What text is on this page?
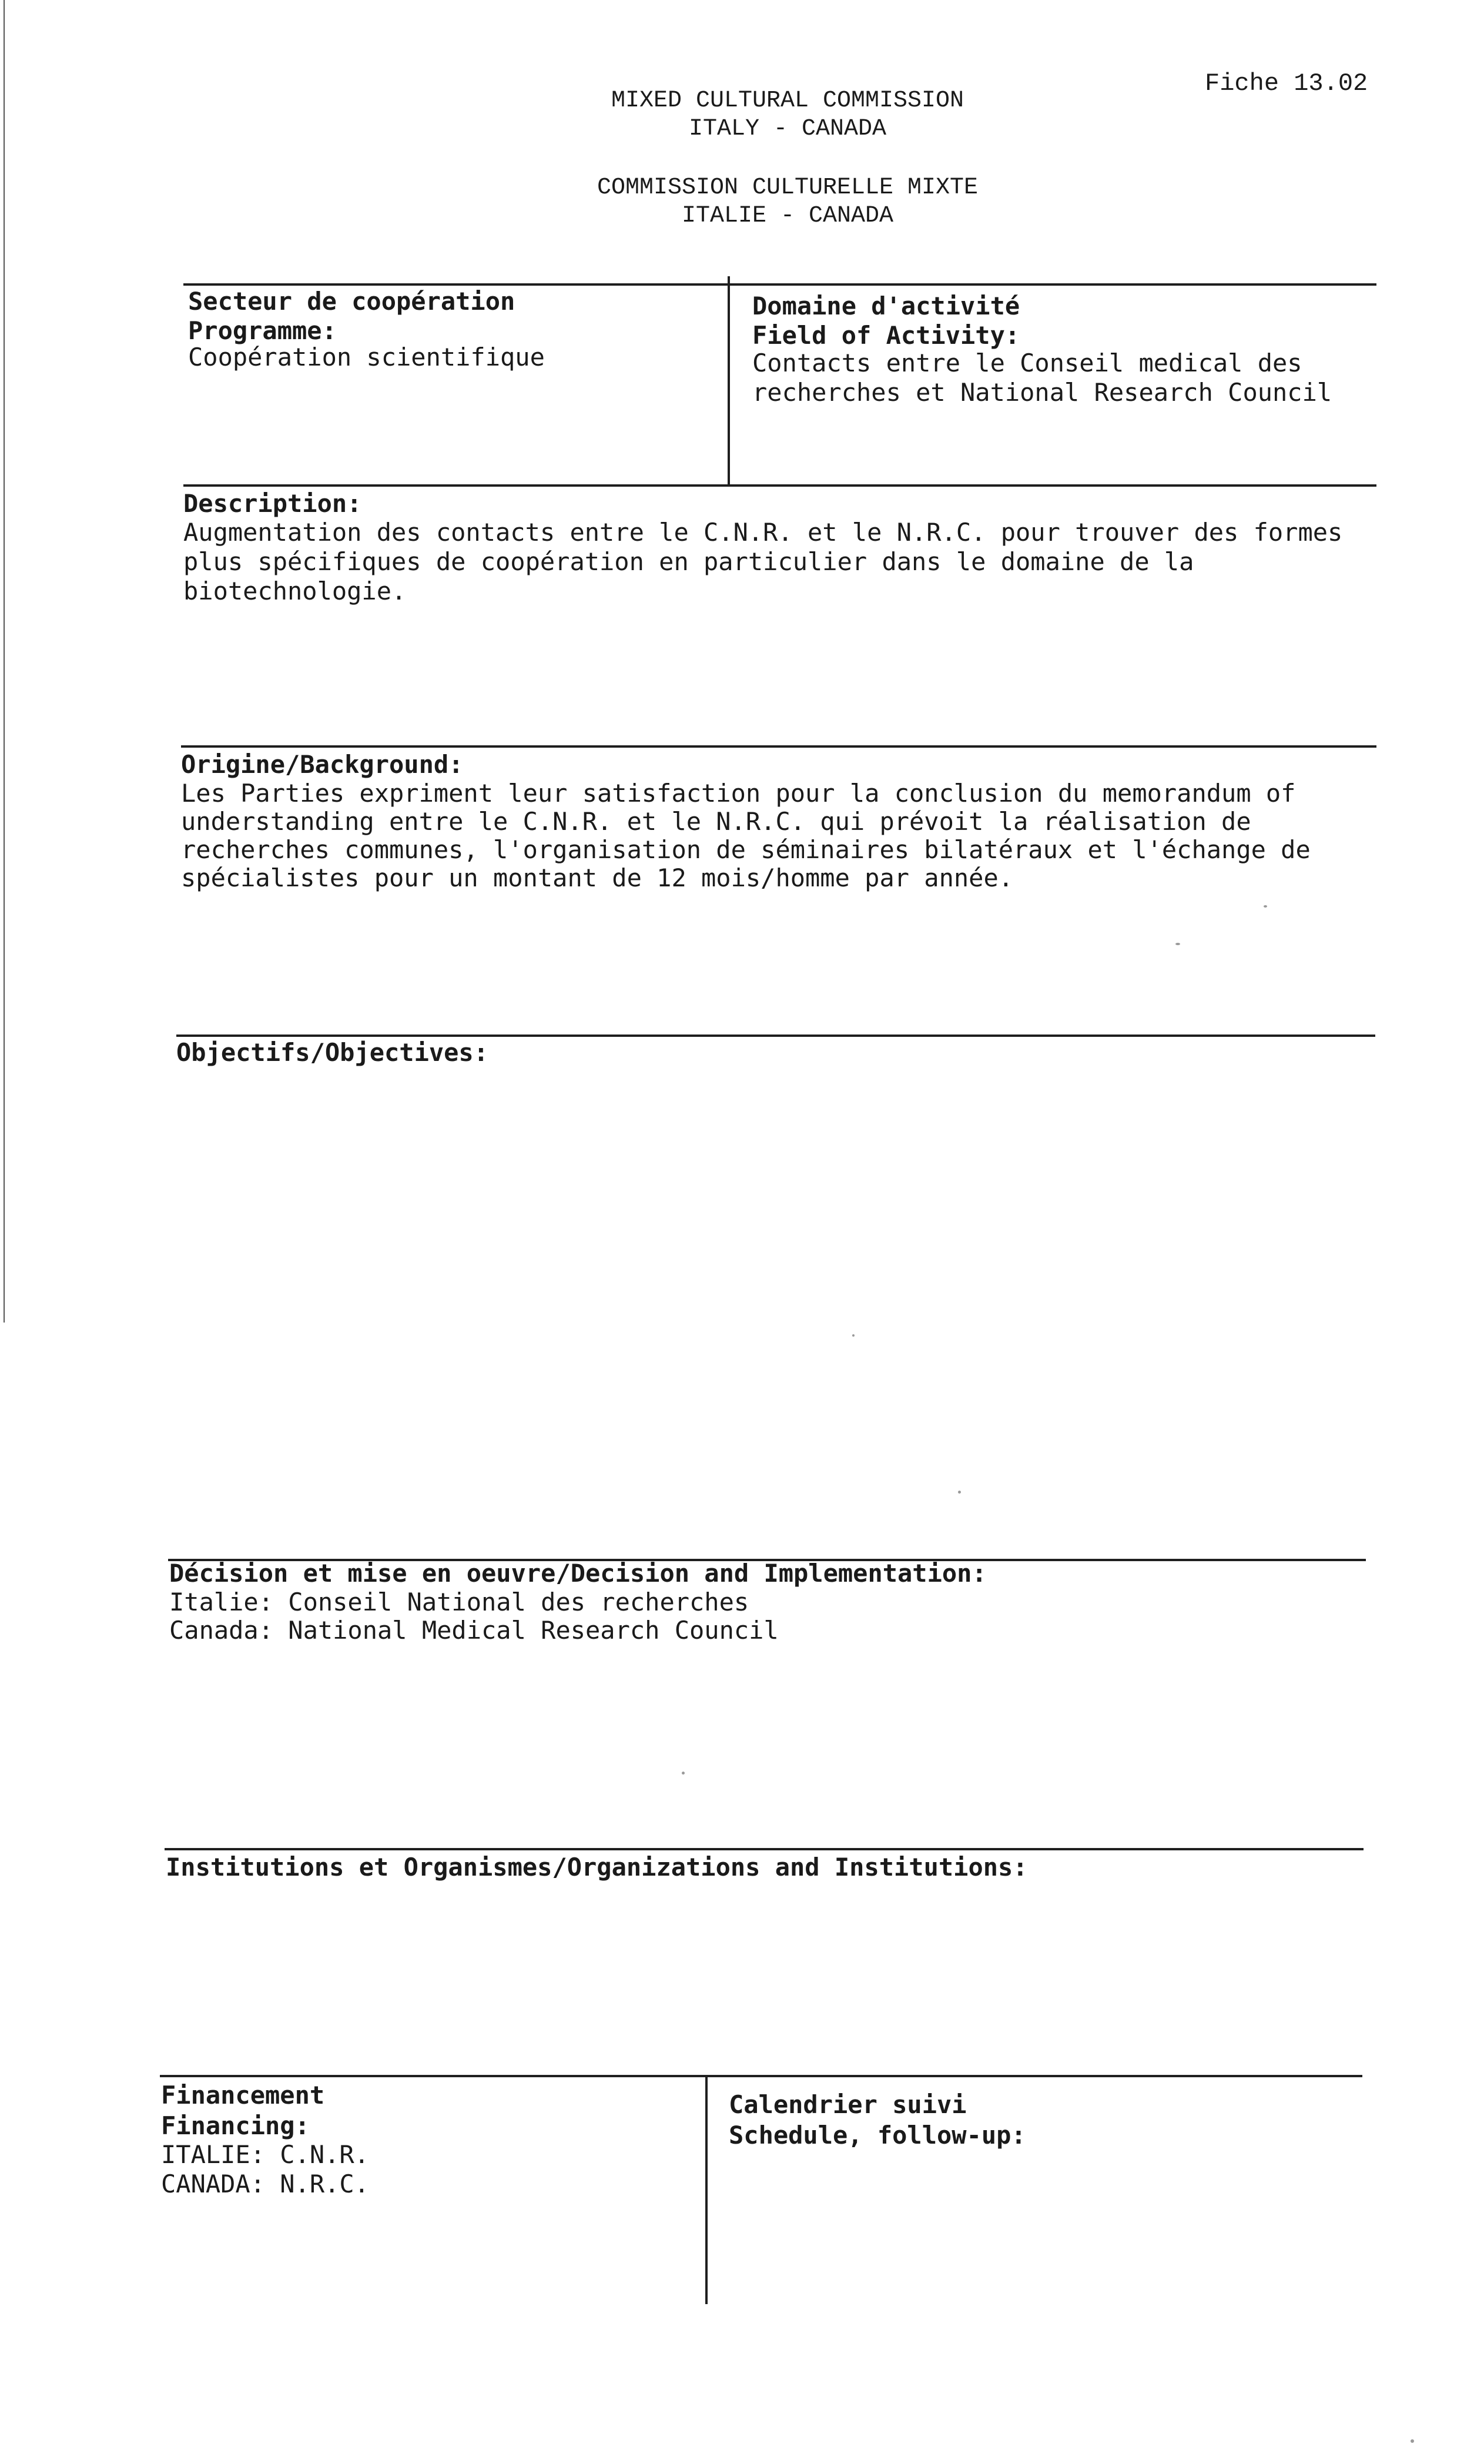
MIXED CULTURAL COMMISSION
ITALY - CANADA
COMMISSION CULTURELLE MIXTE
ITALIE - CANADA
Fiche 13.02
Secteur de coopération
Programme:
Coopération scientifique
Domaine d'activité
Field of Activity:
Contacts entre le Conseil medical des
recherches et National Research Council
Description:
Augmentation des contacts entre le C.N.R. et le N.R.C. pour trouver des formes
plus spécifiques de coopération en particulier dans le domaine de la
biotechnologie.
Origine/Background:
Les Parties expriment leur satisfaction pour la conclusion du memorandum of
understanding entre le C.N.R. et le N.R.C. qui prévoit la réalisation de
recherches communes, l'organisation de séminaires bilatéraux et l'échange de
spécialistes pour un montant de 12 mois/homme par année.
Objectifs/Objectives:
Décision et mise en oeuvre/Decision and Implementation:
Italie: Conseil National des recherches
Canada: National Medical Research Council
Institutions et Organismes/Organizations and Institutions:
Financement
Financing:
ITALIE: C.N.R.
CANADA: N.R.C.
Calendrier suivi
Schedule, follow-up:
